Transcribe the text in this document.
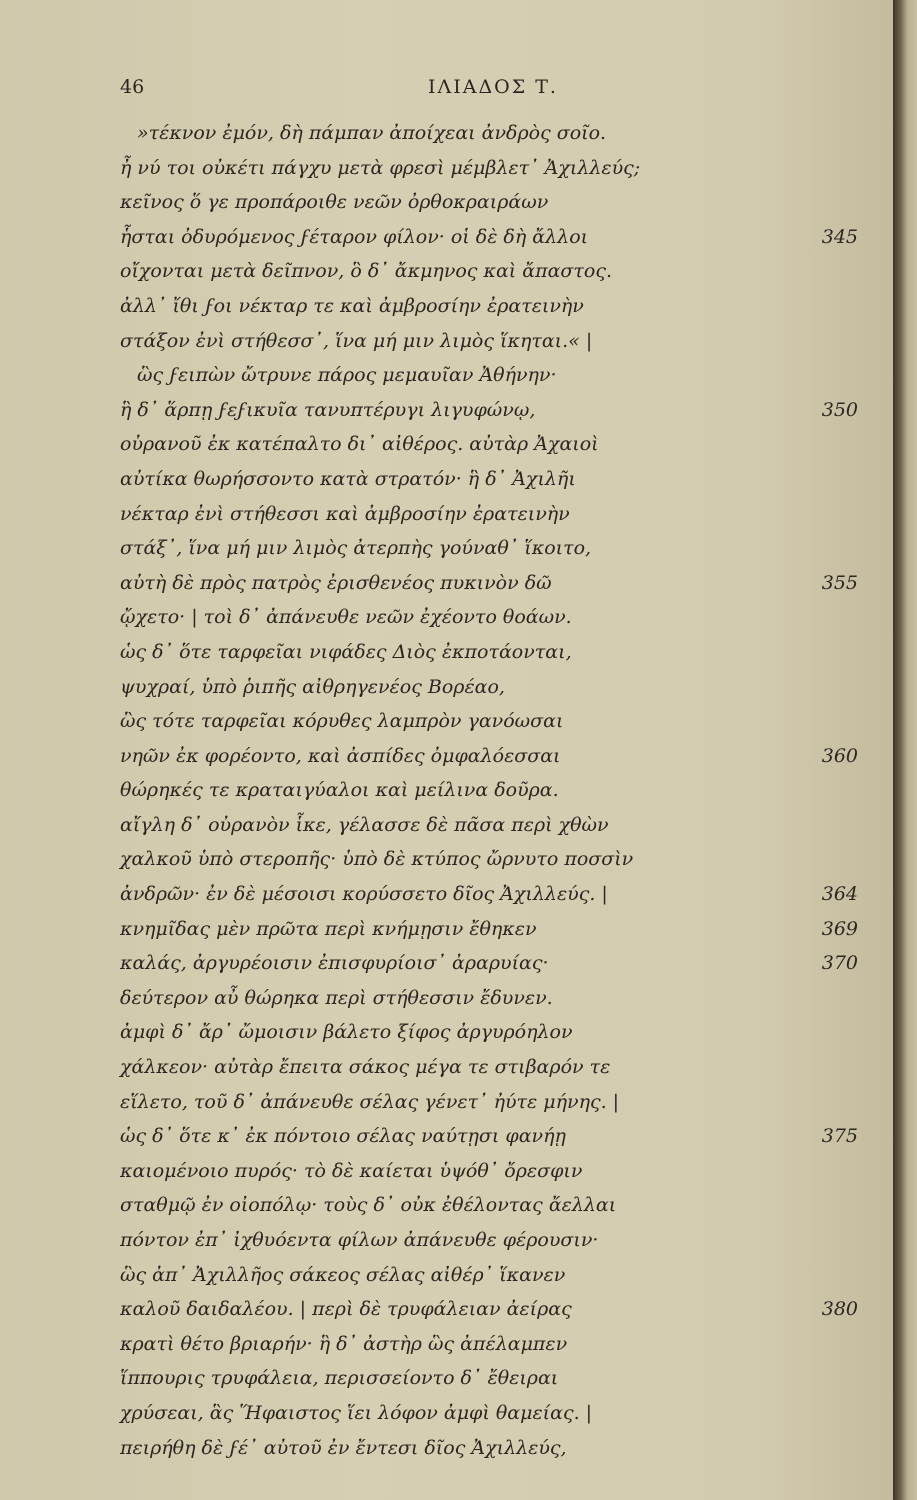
46	ΙΛΙΑΔΟΣ Τ.
»τέκνον ἐμόν, δὴ πάμπαν ἀποίχεαι ἀνδρὸς σοῖο.
ἦ νύ τοι οὐκέτι πάγχυ μετὰ φρεσὶ μέμβλετ᾽ Ἀχιλλεύς;
κεῖνος ὅ γε προπάροιθε νεῶν ὀρθοκραιράων
ἧσται ὀδυρόμενος ϝέταρον φίλον· οἱ δὲ δὴ ἄλλοι	345
οἴχονται μετὰ δεῖπνον, ὃ δ᾽ ἄκμηνος καὶ ἄπαστος.
ἀλλ᾽ ἴθι ϝοι νέκταρ τε καὶ ἀμβροσίην ἐρατεινὴν
στάξον ἐνὶ στήθεσσ᾽, ἵνα μή μιν λιμὸς ἵκηται.« |
ὣς ϝειπὼν ὤτρυνε πάρος μεμαυῖαν Ἀθήνην·
ἣ δ᾽ ἅρπῃ ϝεϝικυῖα τανυπτέρυγι λιγυφώνῳ,	350
οὐρανοῦ ἐκ κατέπαλτο δι᾽ αἰθέρος. αὐτὰρ Ἀχαιοὶ
αὐτίκα θωρήσσοντο κατὰ στρατόν· ἣ δ᾽ Ἀχιλῆι
νέκταρ ἐνὶ στήθεσσι καὶ ἀμβροσίην ἐρατεινὴν
στάξ᾽, ἵνα μή μιν λιμὸς ἀτερπὴς γούναθ᾽ ἵκοιτο,
αὐτὴ δὲ πρὸς πατρὸς ἐρισθενέος πυκινὸν δῶ	355
ᾤχετο· | τοὶ δ᾽ ἀπάνευθε νεῶν ἐχέοντο θοάων.
ὡς δ᾽ ὅτε ταρφεῖαι νιφάδες Διὸς ἐκποτάονται,
ψυχραί, ὑπὸ ῥιπῆς αἰθρηγενέος Βορέαο,
ὣς τότε ταρφεῖαι κόρυθες λαμπρὸν γανόωσαι
νηῶν ἐκ φορέοντο, καὶ ἀσπίδες ὀμφαλόεσσαι	360
θώρηκές τε κραταιγύαλοι καὶ μείλινα δοῦρα.
αἴγλη δ᾽ οὐρανὸν ἷκε, γέλασσε δὲ πᾶσα περὶ χθὼν
χαλκοῦ ὑπὸ στεροπῆς· ὑπὸ δὲ κτύπος ὤρνυτο ποσσὶν
ἀνδρῶν· ἐν δὲ μέσοισι κορύσσετο δῖος Ἀχιλλεύς. |	364
κνημῖδας μὲν πρῶτα περὶ κνήμῃσιν ἔθηκεν	369
καλάς, ἀργυρέοισιν ἐπισφυρίοισ᾽ ἀραρυίας·	370
δεύτερον αὖ θώρηκα περὶ στήθεσσιν ἔδυνεν.
ἀμφὶ δ᾽ ἄρ᾽ ὤμοισιν βάλετο ξίφος ἀργυρόηλον
χάλκεον· αὐτὰρ ἔπειτα σάκος μέγα τε στιβαρόν τε
εἵλετο, τοῦ δ᾽ ἀπάνευθε σέλας γένετ᾽ ἠύτε μήνης. |
ὡς δ᾽ ὅτε κ᾽ ἐκ πόντοιο σέλας ναύτῃσι φανήῃ	375
καιομένοιο πυρός· τὸ δὲ καίεται ὑψόθ᾽ ὄρεσφιν
σταθμῷ ἐν οἰοπόλῳ· τοὺς δ᾽ οὐκ ἐθέλοντας ἄελλαι
πόντον ἐπ᾽ ἰχθυόεντα φίλων ἀπάνευθε φέρουσιν·
ὣς ἀπ᾽ Ἀχιλλῆος σάκεος σέλας αἰθέρ᾽ ἵκανεν
καλοῦ δαιδαλέου. | περὶ δὲ τρυφάλειαν ἀείρας	380
κρατὶ θέτο βριαρήν· ἣ δ᾽ ἀστὴρ ὣς ἀπέλαμπεν
ἵππουρις τρυφάλεια, περισσείοντο δ᾽ ἔθειραι
χρύσεαι, ἃς Ἥφαιστος ἵει λόφον ἀμφὶ θαμείας. |
πειρήθη δὲ ϝέ᾽ αὐτοῦ ἐν ἔντεσι δῖος Ἀχιλλεύς,
